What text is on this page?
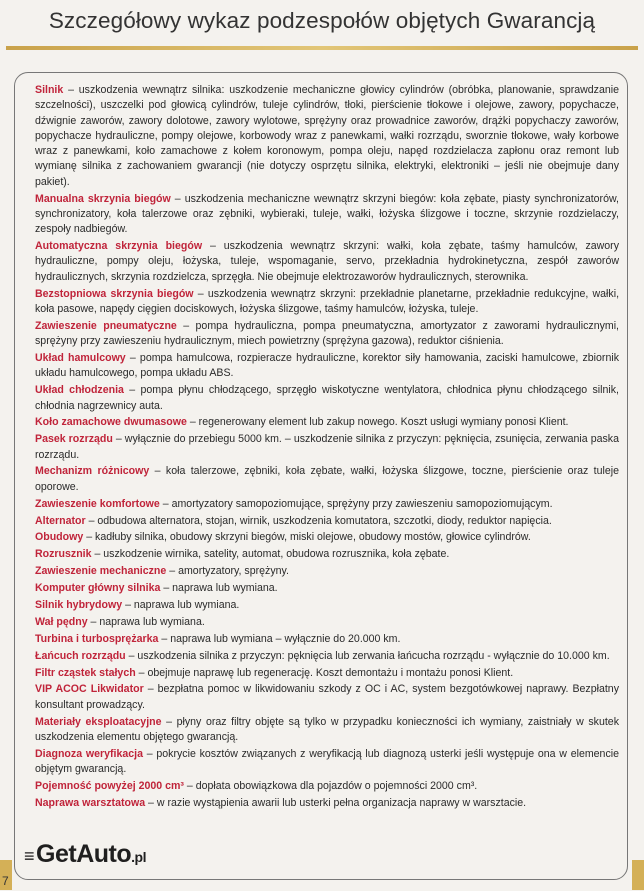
Szczegółowy wykaz podzespołów objętych Gwarancją

Silnik – uszkodzenia wewnątrz silnika: uszkodzenie mechaniczne głowicy cylindrów (obróbka, planowanie, sprawdzanie szczelności), uszczelki pod głowicą cylindrów, tuleje cylindrów, tłoki, pierścienie tłokowe i olejowe, zawory, popychacze, dźwignie zaworów, zawory dolotowe, zawory wylotowe, sprężyny oraz prowadnice zaworów, drążki popychaczy zaworów, popychacze hydrauliczne, pompy olejowe, korbowody wraz z panewkami, wałki rozrządu, sworznie tłokowe, wały korbowe wraz z panewkami, koło zamachowe z kołem koronowym, pompa oleju, napęd rozdzielacza zapłonu oraz remont lub wymianę silnika z zachowaniem gwarancji (nie dotyczy osprzętu silnika, elektryki, elektroniki – jeśli nie obejmuje dany pakiet).

Manualna skrzynia biegów – uszkodzenia mechaniczne wewnątrz skrzyni biegów: koła zębate, piasty synchronizatorów, synchronizatory, koła talerzowe oraz zębniki, wybieraki, tuleje, wałki, łożyska ślizgowe i toczne, skrzynie rozdzielaczy, zespoły nadbiegów.

Automatyczna skrzynia biegów – uszkodzenia wewnątrz skrzyni: wałki, koła zębate, taśmy hamulców, zawory hydrauliczne, pompy oleju, łożyska, tuleje, wspomaganie, servo, przekładnia hydrokinetyczna, zespół zaworów hydraulicznych, skrzynia rozdzielcza, sprzęgła. Nie obejmuje elektrozaworów hydraulicznych, sterownika.

Bezstopniowa skrzynia biegów – uszkodzenia wewnątrz skrzyni: przekładnie planetarne, przekładnie redukcyjne, wałki, koła pasowe, napędy cięgien dociskowych, łożyska ślizgowe, taśmy hamulców, łożyska, tuleje.

Zawieszenie pneumatyczne – pompa hydrauliczna, pompa pneumatyczna, amortyzator z zaworami hydraulicznymi, sprężyny przy zawieszeniu hydraulicznym, miech powietrzny (sprężyna gazowa), reduktor ciśnienia.

Układ hamulcowy – pompa hamulcowa, rozpieracze hydrauliczne, korektor siły hamowania, zaciski hamulcowe, zbiornik układu hamulcowego, pompa układu ABS.

Układ chłodzenia – pompa płynu chłodzącego, sprzęgło wiskotyczne wentylatora, chłodnica płynu chłodzącego silnik, chłodnia nagrzewnicy auta.

Koło zamachowe dwumasowe – regenerowany element lub zakup nowego. Koszt usługi wymiany ponosi Klient.

Pasek rozrządu – wyłącznie do przebiegu 5000 km. – uszkodzenie silnika z przyczyn: pęknięcia, zsunięcia, zerwania paska rozrządu.

Mechanizm różnicowy – koła talerzowe, zębniki, koła zębate, wałki, łożyska ślizgowe, toczne, pierścienie oraz tuleje oporowe.

Zawieszenie komfortowe – amortyzatory samopoziomujące, sprężyny przy zawieszeniu samopoziomującym.

Alternator – odbudowa alternatora, stojan, wirnik, uszkodzenia komutatora, szczotki, diody, reduktor napięcia.

Obudowy – kadłuby silnika, obudowy skrzyni biegów, miski olejowe, obudowy mostów, głowice cylindrów.

Rozrusznik – uszkodzenie wirnika, satelity, automat, obudowa rozrusznika, koła zębate.

Zawieszenie mechaniczne – amortyzatory, sprężyny.

Komputer główny silnika – naprawa lub wymiana.

Silnik hybrydowy – naprawa lub wymiana.

Wał pędny – naprawa lub wymiana.

Turbina i turbosprężarka – naprawa lub wymiana – wyłącznie do 20.000 km.

Łańcuch rozrządu – uszkodzenia silnika z przyczyn: pęknięcia lub zerwania łańcucha rozrządu - wyłącznie do 10.000 km.

Filtr cząstek stałych – obejmuje naprawę lub regenerację. Koszt demontażu i montażu ponosi Klient.

VIP ACOC Likwidator – bezpłatna pomoc w likwidowaniu szkody z OC i AC, system bezgotówkowej naprawy. Bezpłatny konsultant prowadzący.

Materiały eksploatacyjne – płyny oraz filtry objęte są tylko w przypadku konieczności ich wymiany, zaistniały w skutek uszkodzenia elementu objętego gwarancją.

Diagnoza weryfikacja – pokrycie kosztów związanych z weryfikacją lub diagnozą usterki jeśli występuje ona w elemencie objętym gwarancją.

Pojemność powyżej 2000 cm³ – dopłata obowiązkowa dla pojazdów o pojemności 2000 cm³.

Naprawa warsztatowa – w razie wystąpienia awarii lub usterki pełna organizacja naprawy w warsztacie.

7
≡GetAuto.pl
